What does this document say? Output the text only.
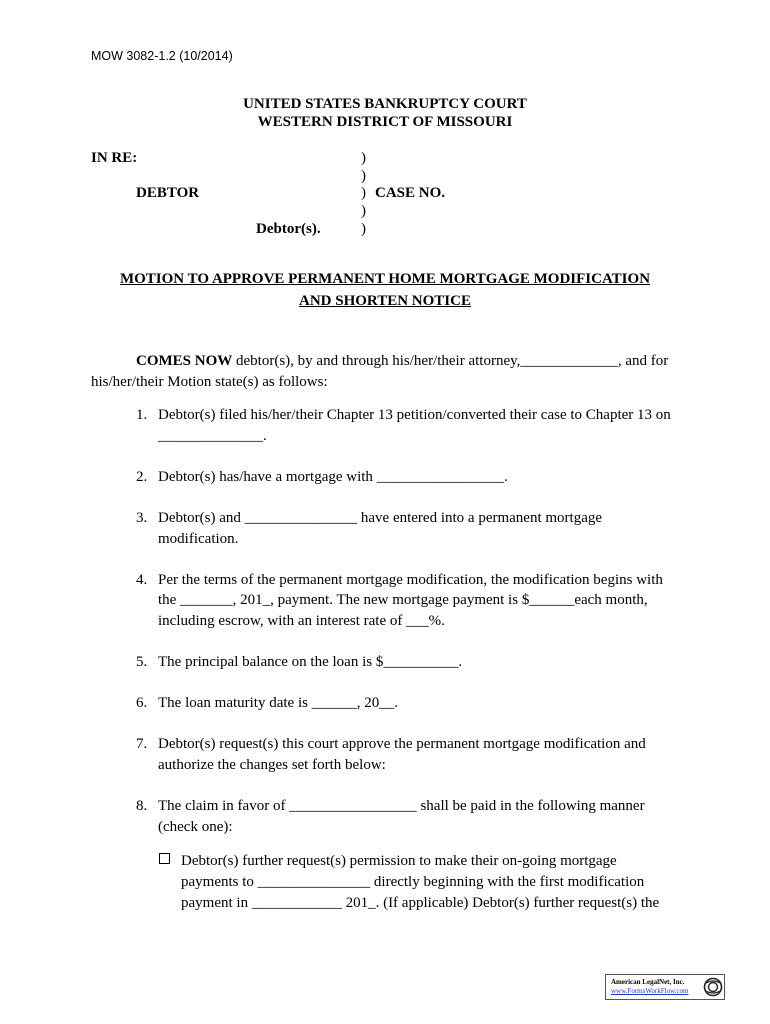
MOW 3082-1.2 (10/2014)
UNITED STATES BANKRUPTCY COURT
WESTERN DISTRICT OF MISSOURI
IN RE:
DEBTOR
Debtor(s).
)
)
)
)
)
CASE NO.
MOTION TO APPROVE PERMANENT HOME MORTGAGE MODIFICATION
AND SHORTEN NOTICE
COMES NOW debtor(s), by and through his/her/their attorney,_____________, and for
his/her/their Motion state(s) as follows:
1. Debtor(s) filed his/her/their Chapter 13 petition/converted their case to Chapter 13 on
______________.
2. Debtor(s) has/have a mortgage with _________________.
3. Debtor(s) and _______________ have entered into a permanent mortgage
modification.
4. Per the terms of the permanent mortgage modification, the modification begins with
the _______, 201_, payment. The new mortgage payment is $______each month,
including escrow, with an interest rate of ___%.
5. The principal balance on the loan is $__________.
6. The loan maturity date is ______, 20__.
7. Debtor(s) request(s) this court approve the permanent mortgage modification and
authorize the changes set forth below:
8. The claim in favor of _________________ shall be paid in the following manner
(check one):
Debtor(s) further request(s) permission to make their on-going mortgage
payments to _______________ directly beginning with the first modification
payment in ____________ 201_. (If applicable) Debtor(s) further request(s) the
American LegalNet, Inc.
www.FormsWorkFlow.com
